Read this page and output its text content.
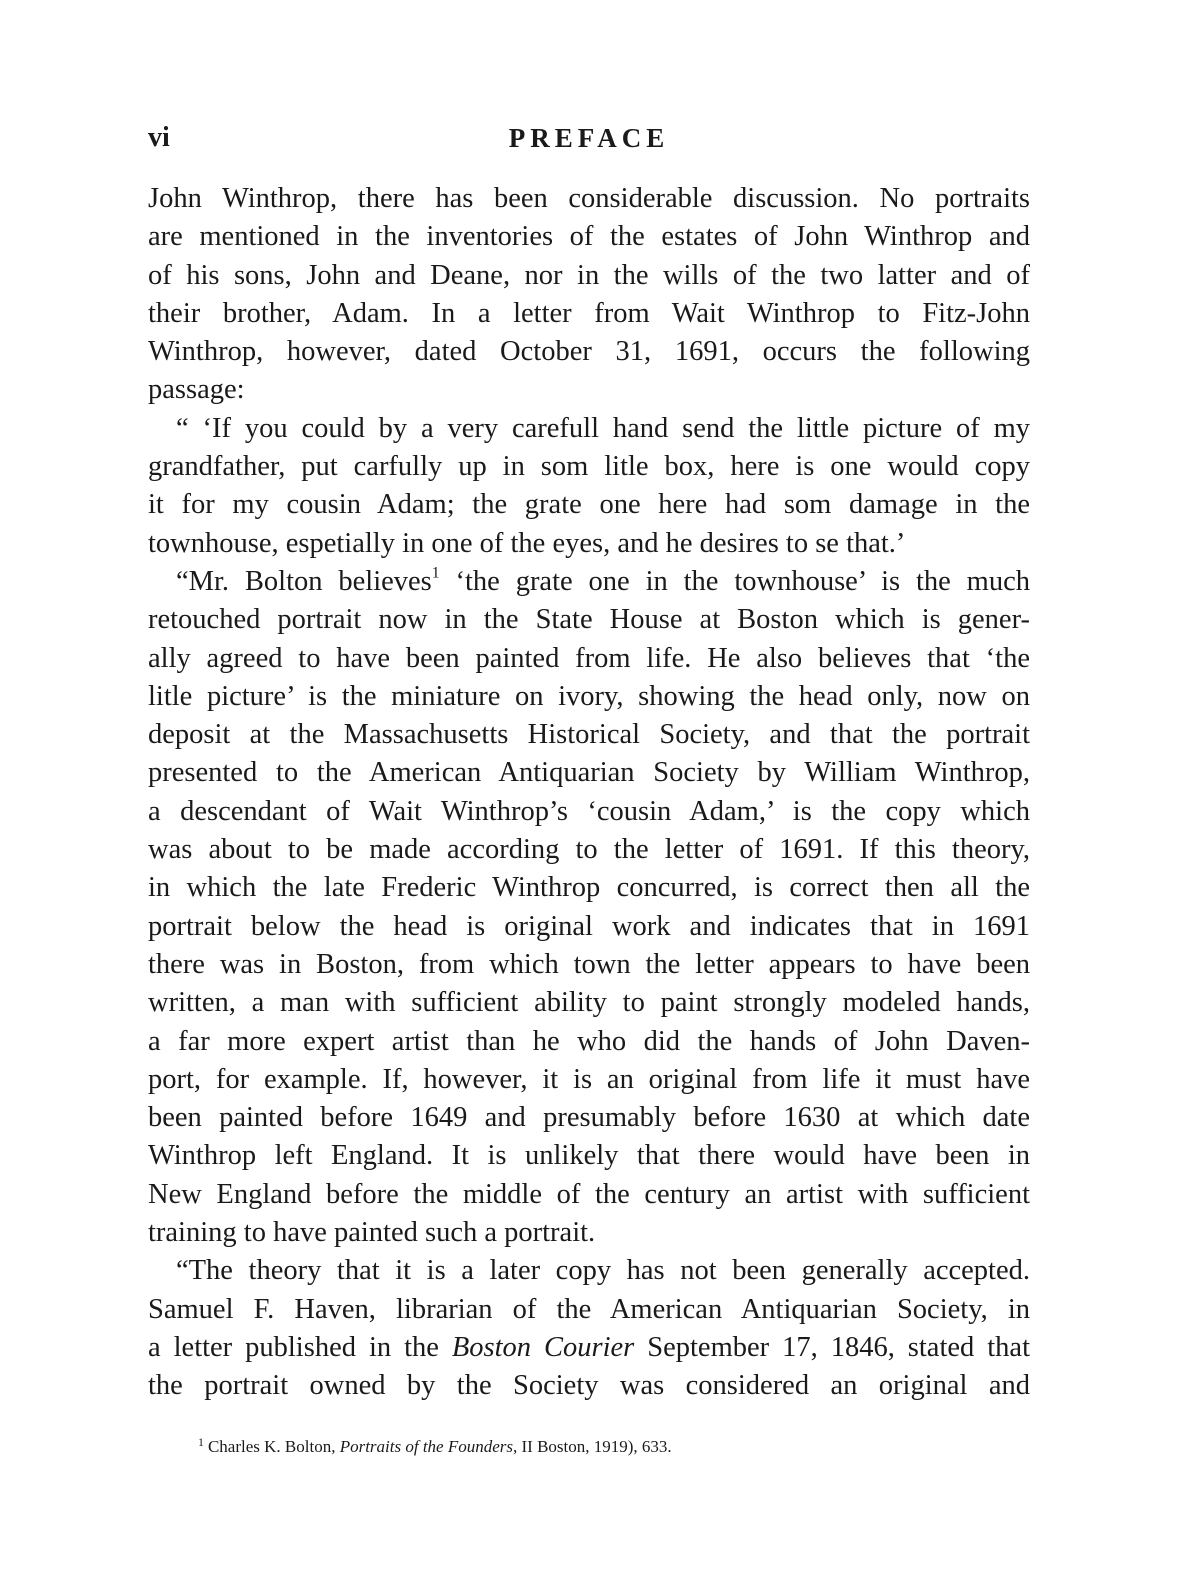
vi	PREFACE
John Winthrop, there has been considerable discussion. No portraits
are mentioned in the inventories of the estates of John Winthrop and
of his sons, John and Deane, nor in the wills of the two latter and of
their brother, Adam. In a letter from Wait Winthrop to Fitz-John
Winthrop, however, dated October 31, 1691, occurs the following
passage:
“ ‘If you could by a very carefull hand send the little picture of my
grandfather, put carfully up in som litle box, here is one would copy
it for my cousin Adam; the grate one here had som damage in the
townhouse, espetially in one of the eyes, and he desires to se that.’
“Mr. Bolton believes$^1$ ‘the grate one in the townhouse’ is the much
retouched portrait now in the State House at Boston which is gener-
ally agreed to have been painted from life. He also believes that ‘the
litle picture’ is the miniature on ivory, showing the head only, now on
deposit at the Massachusetts Historical Society, and that the portrait
presented to the American Antiquarian Society by William Winthrop,
a descendant of Wait Winthrop’s ‘cousin Adam,’ is the copy which
was about to be made according to the letter of 1691. If this theory,
in which the late Frederic Winthrop concurred, is correct then all the
portrait below the head is original work and indicates that in 1691
there was in Boston, from which town the letter appears to have been
written, a man with sufficient ability to paint strongly modeled hands,
a far more expert artist than he who did the hands of John Daven-
port, for example. If, however, it is an original from life it must have
been painted before 1649 and presumably before 1630 at which date
Winthrop left England. It is unlikely that there would have been in
New England before the middle of the century an artist with sufficient
training to have painted such a portrait.
“The theory that it is a later copy has not been generally accepted.
Samuel F. Haven, librarian of the American Antiquarian Society, in
a letter published in the Boston Courier September 17, 1846, stated that
the portrait owned by the Society was considered an original and
$^1$ Charles K. Bolton, Portraits of the Founders, II Boston, 1919), 633.
